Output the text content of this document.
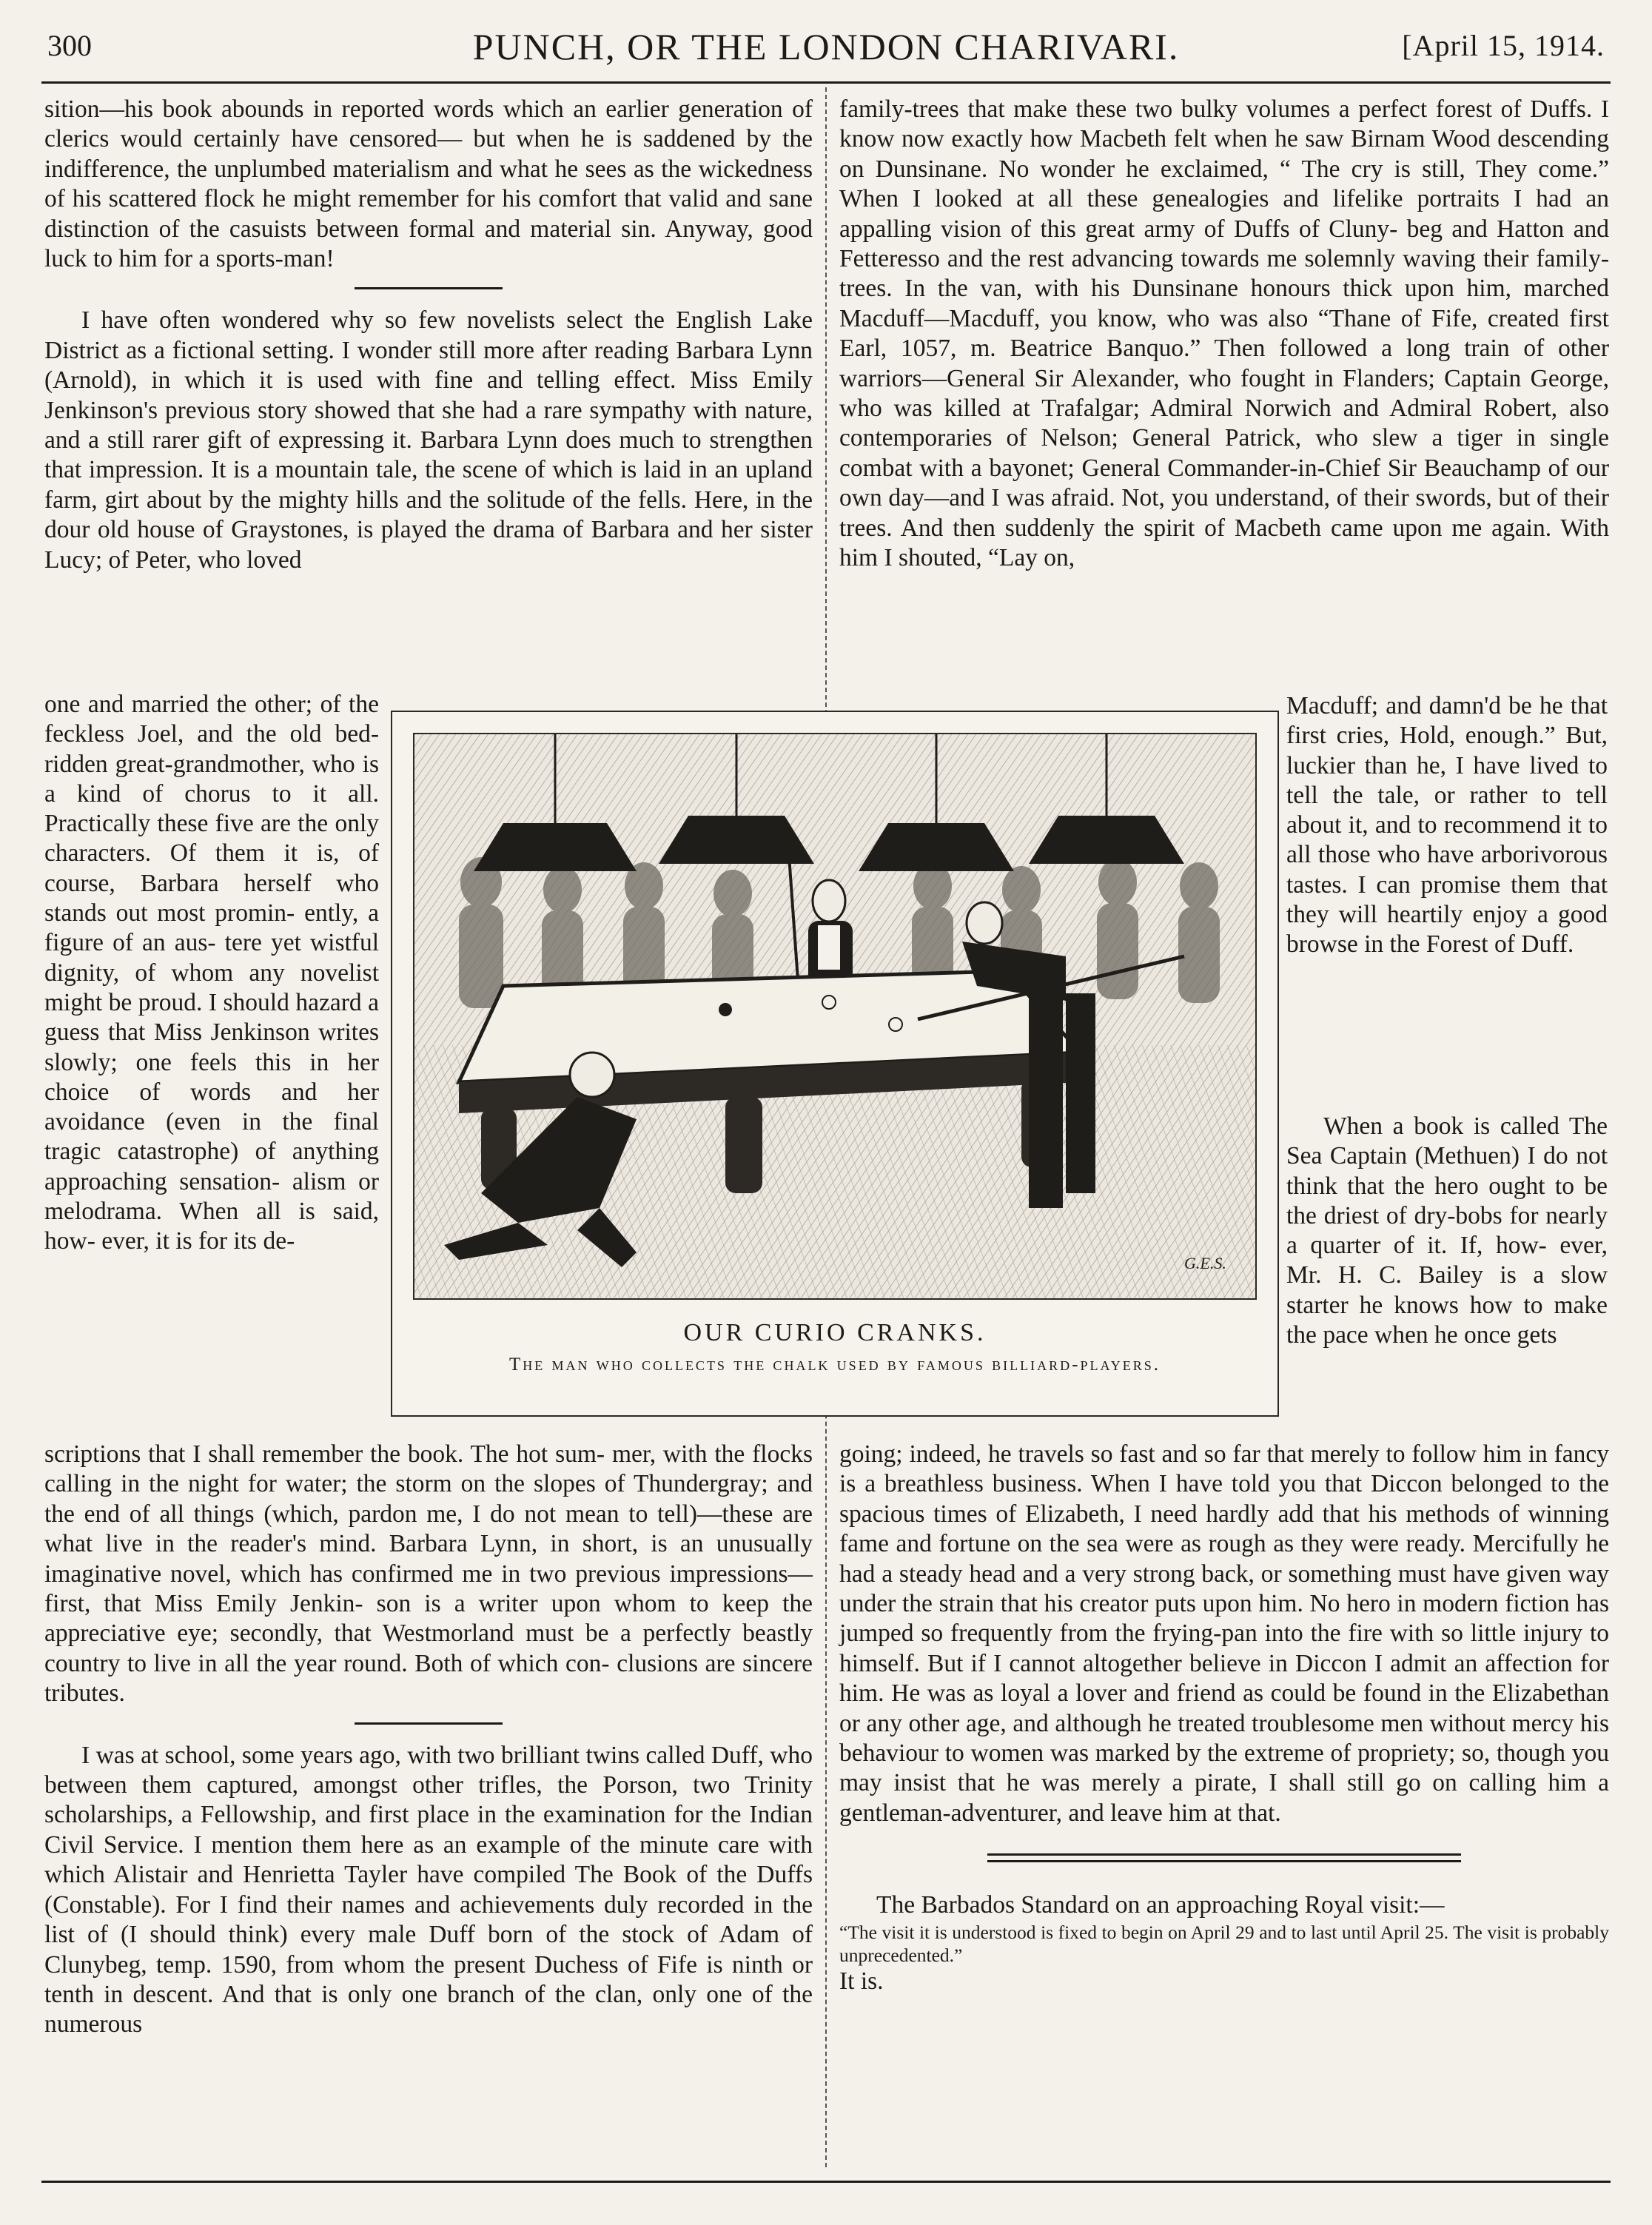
300	PUNCH, OR THE LONDON CHARIVARI.	[April 15, 1914.

sition—his book abounds in reported words which an earlier generation of clerics would certainly have censored— but when he is saddened by the indifference, the unplumbed materialism and what he sees as the wickedness of his scattered flock he might remember for his comfort that valid and sane distinction of the casuists between formal and material sin. Anyway, good luck to him for a sports-man!

I have often wondered why so few novelists select the English Lake District as a fictional setting. I wonder still more after reading Barbara Lynn (Arnold), in which it is used with fine and telling effect. Miss Emily Jenkinson's previous story showed that she had a rare sympathy with nature, and a still rarer gift of expressing it. Barbara Lynn does much to strengthen that impression. It is a mountain tale, the scene of which is laid in an upland farm, girt about by the mighty hills and the solitude of the fells. Here, in the dour old house of Graystones, is played the drama of Barbara and her sister Lucy; of Peter, who loved

one and married the other; of the feckless Joel, and the old bed-ridden great-grandmother, who is a kind of chorus to it all. Practically these five are the only characters. Of them it is, of course, Barbara herself who stands out most promin- ently, a figure of an aus- tere yet wistful dignity, of whom any novelist might be proud. I should hazard a guess that Miss Jenkinson writes slowly; one feels this in her choice of words and her avoidance (even in the final tragic catastrophe) of anything approaching sensation- alism or melodrama. When all is said, how- ever, it is for its de-

scriptions that I shall remember the book. The hot sum- mer, with the flocks calling in the night for water; the storm on the slopes of Thundergray; and the end of all things (which, pardon me, I do not mean to tell)—these are what live in the reader's mind. Barbara Lynn, in short, is an unusually imaginative novel, which has confirmed me in two previous impressions—first, that Miss Emily Jenkin- son is a writer upon whom to keep the appreciative eye; secondly, that Westmorland must be a perfectly beastly country to live in all the year round. Both of which con- clusions are sincere tributes.

I was at school, some years ago, with two brilliant twins called Duff, who between them captured, amongst other trifles, the Porson, two Trinity scholarships, a Fellowship, and first place in the examination for the Indian Civil Service. I mention them here as an example of the minute care with which Alistair and Henrietta Tayler have compiled The Book of the Duffs (Constable). For I find their names and achievements duly recorded in the list of (I should think) every male Duff born of the stock of Adam of Clunybeg, temp. 1590, from whom the present Duchess of Fife is ninth or tenth in descent. And that is only one branch of the clan, only one of the numerous

family-trees that make these two bulky volumes a perfect forest of Duffs. I know now exactly how Macbeth felt when he saw Birnam Wood descending on Dunsinane. No wonder he exclaimed, “ The cry is still, They come.” When I looked at all these genealogies and lifelike portraits I had an appalling vision of this great army of Duffs of Cluny- beg and Hatton and Fetteresso and the rest advancing towards me solemnly waving their family-trees. In the van, with his Dunsinane honours thick upon him, marched Macduff—Macduff, you know, who was also “Thane of Fife, created first Earl, 1057, m. Beatrice Banquo.” Then followed a long train of other warriors—General Sir Alexander, who fought in Flanders; Captain George, who was killed at Trafalgar; Admiral Norwich and Admiral Robert, also contemporaries of Nelson; General Patrick, who slew a tiger in single combat with a bayonet; General Commander-in-Chief Sir Beauchamp of our own day—and I was afraid. Not, you understand, of their swords, but of their trees. And then suddenly the spirit of Macbeth came upon me again. With him I shouted, “Lay on,

Macduff; and damn'd be he that first cries, Hold, enough.” But, luckier than he, I have lived to tell the tale, or rather to tell about it, and to recommend it to all those who have arborivorous tastes. I can promise them that they will heartily enjoy a good browse in the Forest of Duff.

When a book is called The Sea Captain (Methuen) I do not think that the hero ought to be the driest of dry-bobs for nearly a quarter of it. If, how- ever, Mr. H. C. Bailey is a slow starter he knows how to make the pace when he once gets

going; indeed, he travels so fast and so far that merely to follow him in fancy is a breathless business. When I have told you that Diccon belonged to the spacious times of Elizabeth, I need hardly add that his methods of winning fame and fortune on the sea were as rough as they were ready. Mercifully he had a steady head and a very strong back, or something must have given way under the strain that his creator puts upon him. No hero in modern fiction has jumped so frequently from the frying-pan into the fire with so little injury to himself. But if I cannot altogether believe in Diccon I admit an affection for him. He was as loyal a lover and friend as could be found in the Elizabethan or any other age, and although he treated troublesome men without mercy his behaviour to women was marked by the extreme of propriety; so, though you may insist that he was merely a pirate, I shall still go on calling him a gentleman-adventurer, and leave him at that.

The Barbados Standard on an approaching Royal visit:—

“The visit it is understood is fixed to begin on April 29 and to last until April 25. The visit is probably unprecedented.”

It is.

G.E.S.
OUR CURIO CRANKS.
The man who collects the chalk used by famous billiard-players.
